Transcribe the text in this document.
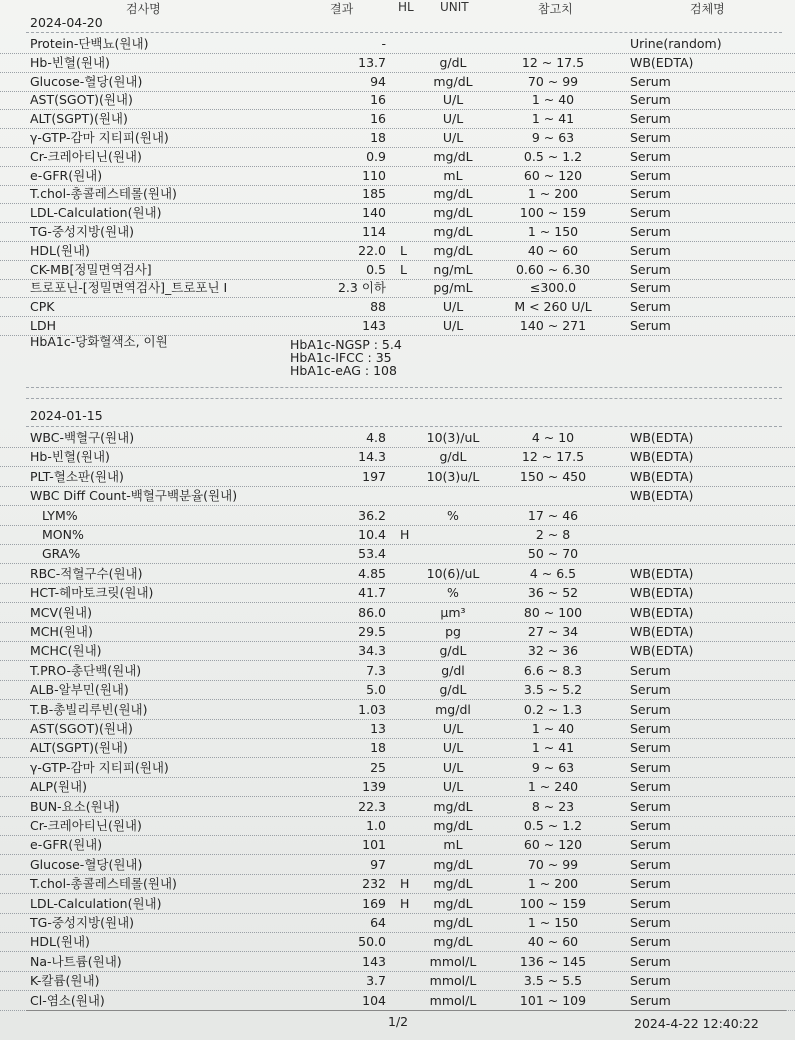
검사명	결과	HL UNIT	참고치	검체명
2024-04-20
Protein-단백뇨(원내)	-	Urine(random)
Hb-빈혈(원내)	13.7	g/dL	12 ~ 17.5	WB(EDTA)
Glucose-혈당(원내)	94	mg/dL	70 ~ 99	Serum
AST(SGOT)(원내)	16	U/L	1 ~ 40	Serum
ALT(SGPT)(원내)	16	U/L	1 ~ 41	Serum
γ-GTP-감마 지티피(원내)	18	U/L	9 ~ 63	Serum
Cr-크레아티닌(원내)	0.9	mg/dL	0.5 ~ 1.2	Serum
e-GFR(원내)	110	mL	60 ~ 120	Serum
T.chol-총콜레스테롤(원내)	185	mg/dL	1 ~ 200	Serum
LDL-Calculation(원내)	140	mg/dL	100 ~ 159	Serum
TG-중성지방(원내)	114	mg/dL	1 ~ 150	Serum
HDL(원내)	22.0 L	mg/dL	40 ~ 60	Serum
CK-MB[정밀면역검사]	0.5 L	ng/mL	0.60 ~ 6.30	Serum
트로포닌-[정밀면역검사]_트로포닌 I	2.3 이하	pg/mL	≤300.0	Serum
CPK	88	U/L	M < 260 U/L	Serum
LDH	143	U/L	140 ~ 271	Serum
HbA1c-당화혈색소, 이원	HbA1c-NGSP : 5.4
HbA1c-IFCC : 35
HbA1c-eAG : 108
2024-01-15
WBC-백혈구(원내)	4.8	10(3)/uL	4 ~ 10	WB(EDTA)
Hb-빈혈(원내)	14.3	g/dL	12 ~ 17.5	WB(EDTA)
PLT-혈소판(원내)	197	10(3)u/L	150 ~ 450	WB(EDTA)
WBC Diff Count-백혈구백분율(원내)	WB(EDTA)
LYM%	36.2	%	17 ~ 46
MON%	10.4 H	2 ~ 8
GRA%	53.4	50 ~ 70
RBC-적혈구수(원내)	4.85	10(6)/uL	4 ~ 6.5	WB(EDTA)
HCT-헤마토크릿(원내)	41.7	%	36 ~ 52	WB(EDTA)
MCV(원내)	86.0	μm³	80 ~ 100	WB(EDTA)
MCH(원내)	29.5	pg	27 ~ 34	WB(EDTA)
MCHC(원내)	34.3	g/dL	32 ~ 36	WB(EDTA)
T.PRO-총단백(원내)	7.3	g/dl	6.6 ~ 8.3	Serum
ALB-알부민(원내)	5.0	g/dL	3.5 ~ 5.2	Serum
T.B-총빌리루빈(원내)	1.03	mg/dl	0.2 ~ 1.3	Serum
AST(SGOT)(원내)	13	U/L	1 ~ 40	Serum
ALT(SGPT)(원내)	18	U/L	1 ~ 41	Serum
γ-GTP-감마 지티피(원내)	25	U/L	9 ~ 63	Serum
ALP(원내)	139	U/L	1 ~ 240	Serum
BUN-요소(원내)	22.3	mg/dL	8 ~ 23	Serum
Cr-크레아티닌(원내)	1.0	mg/dL	0.5 ~ 1.2	Serum
e-GFR(원내)	101	mL	60 ~ 120	Serum
Glucose-혈당(원내)	97	mg/dL	70 ~ 99	Serum
T.chol-총콜레스테롤(원내)	232 H	mg/dL	1 ~ 200	Serum
LDL-Calculation(원내)	169 H	mg/dL	100 ~ 159	Serum
TG-중성지방(원내)	64	mg/dL	1 ~ 150	Serum
HDL(원내)	50.0	mg/dL	40 ~ 60	Serum
Na-나트륨(원내)	143	mmol/L	136 ~ 145	Serum
K-칼륨(원내)	3.7	mmol/L	3.5 ~ 5.5	Serum
Cl-염소(원내)	104	mmol/L	101 ~ 109	Serum
1/2	2024-4-22 12:40:22
